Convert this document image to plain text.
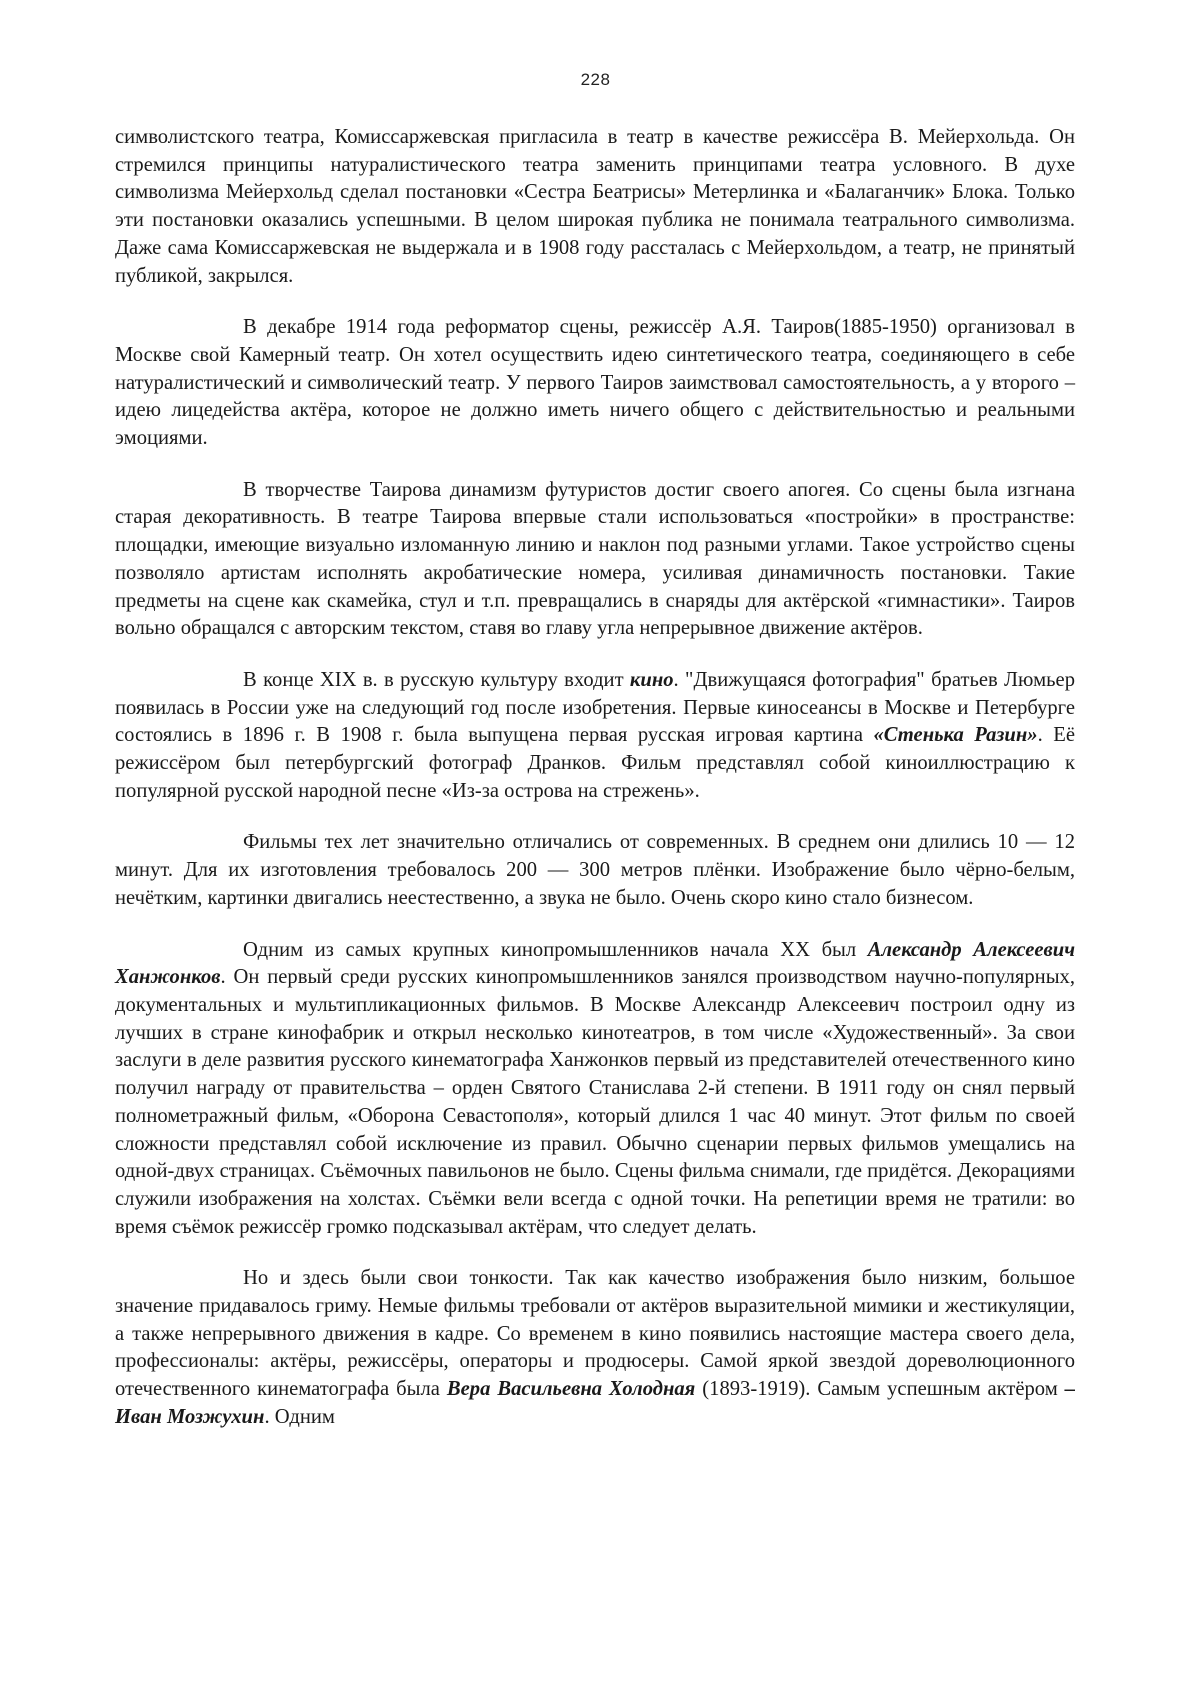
228

символистского театра, Комиссаржевская пригласила в театр в качестве режиссёра В. Мейерхольда. Он стремился принципы натуралистического театра заменить принципами театра условного. В духе символизма Мейерхольд сделал постановки «Сестра Беатрисы» Метерлинка и «Балаганчик» Блока. Только эти постановки оказались успешными. В целом широкая публика не понимала театрального символизма. Даже сама Комиссаржевская не выдержала и в 1908 году рассталась с Мейерхольдом, а театр, не принятый публикой, закрылся.

В декабре 1914 года реформатор сцены, режиссёр А.Я. Таиров(1885-1950) организовал в Москве свой Камерный театр. Он хотел осуществить идею синтетического театра, соединяющего в себе натуралистический и символический театр. У первого Таиров заимствовал самостоятельность, а у второго – идею лицедейства актёра, которое не должно иметь ничего общего с действительностью и реальными эмоциями.

В творчестве Таирова динамизм футуристов достиг своего апогея. Со сцены была изгнана старая декоративность. В театре Таирова впервые стали использоваться «постройки» в пространстве: площадки, имеющие визуально изломанную линию и наклон под разными углами. Такое устройство сцены позволяло артистам исполнять акробатические номера, усиливая динамичность постановки. Такие предметы на сцене как скамейка, стул и т.п. превращались в снаряды для актёрской «гимнастики». Таиров вольно обращался с авторским текстом, ставя во главу угла непрерывное движение актёров.

В конце XIX в. в русскую культуру входит кино. "Движущаяся фотография" братьев Люмьер появилась в России уже на следующий год после изобретения. Первые киносеансы в Москве и Петербурге состоялись в 1896 г. В 1908 г. была выпущена первая русская игровая картина «Стенька Разин». Её режиссёром был петербургский фотограф Дранков. Фильм представлял собой киноиллюстрацию к популярной русской народной песне «Из-за острова на стрежень».

Фильмы тех лет значительно отличались от современных. В среднем они длились 10 — 12 минут. Для их изготовления требовалось 200 — 300 метров плёнки. Изображение было чёрно-белым, нечётким, картинки двигались неестественно, а звука не было. Очень скоро кино стало бизнесом.

Одним из самых крупных кинопромышленников начала XX был Александр Алексеевич Ханжонков. Он первый среди русских кинопромышленников занялся производством научно-популярных, документальных и мультипликационных фильмов. В Москве Александр Алексеевич построил одну из лучших в стране кинофабрик и открыл несколько кинотеатров, в том числе «Художественный». За свои заслуги в деле развития русского кинематографа Ханжонков первый из представителей отечественного кино получил награду от правительства – орден Святого Станислава 2-й степени. В 1911 году он снял первый полнометражный фильм, «Оборона Севастополя», который длился 1 час 40 минут. Этот фильм по своей сложности представлял собой исключение из правил. Обычно сценарии первых фильмов умещались на одной-двух страницах. Съёмочных павильонов не было. Сцены фильма снимали, где придётся. Декорациями служили изображения на холстах. Съёмки вели всегда с одной точки. На репетиции время не тратили: во время съёмок режиссёр громко подсказывал актёрам, что следует делать.

Но и здесь были свои тонкости. Так как качество изображения было низким, большое значение придавалось гриму. Немые фильмы требовали от актёров выразительной мимики и жестикуляции, а также непрерывного движения в кадре. Со временем в кино появились настоящие мастера своего дела, профессионалы: актёры, режиссёры, операторы и продюсеры. Самой яркой звездой дореволюционного отечественного кинематографа была Вера Васильевна Холодная (1893-1919). Самым успешным актёром – Иван Мозжухин. Одним
